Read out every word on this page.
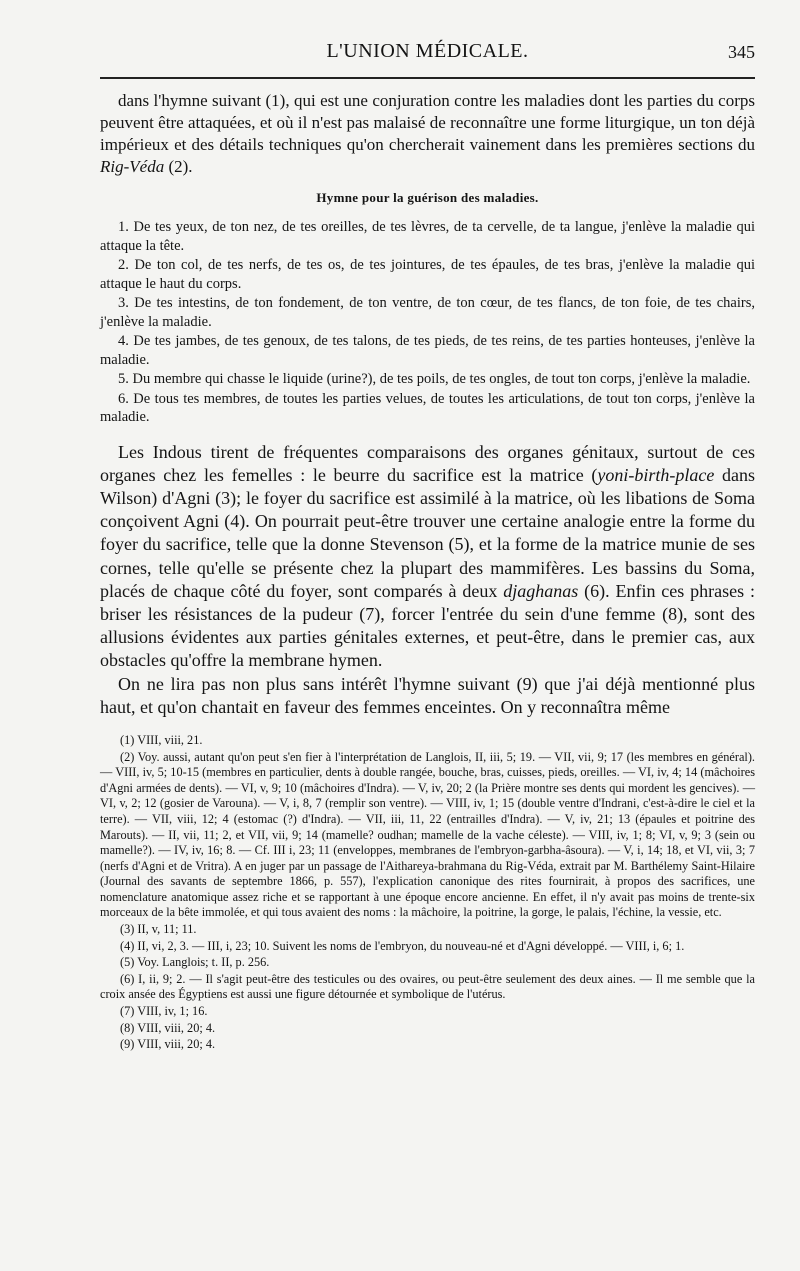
L'UNION MÉDICALE.	345

dans l'hymne suivant (1), qui est une conjuration contre les maladies dont les parties du corps peuvent être attaquées, et où il n'est pas malaisé de reconnaître une forme liturgique, un ton déjà impérieux et des détails techniques qu'on chercherait vainement dans les premières sections du Rig-Véda (2).

Hymne pour la guérison des maladies.

1. De tes yeux, de ton nez, de tes oreilles, de tes lèvres, de ta cervelle, de ta langue, j'enlève la maladie qui attaque la tête.

2. De ton col, de tes nerfs, de tes os, de tes jointures, de tes épaules, de tes bras, j'enlève la maladie qui attaque le haut du corps.

3. De tes intestins, de ton fondement, de ton ventre, de ton cœur, de tes flancs, de ton foie, de tes chairs, j'enlève la maladie.

4. De tes jambes, de tes genoux, de tes talons, de tes pieds, de tes reins, de tes parties honteuses, j'enlève la maladie.

5. Du membre qui chasse le liquide (urine?), de tes poils, de tes ongles, de tout ton corps, j'enlève la maladie.

6. De tous tes membres, de toutes les parties velues, de toutes les articulations, de tout ton corps, j'enlève la maladie.

Les Indous tirent de fréquentes comparaisons des organes génitaux, surtout de ces organes chez les femelles : le beurre du sacrifice est la matrice (yoni-birth-place dans Wilson) d'Agni (3); le foyer du sacrifice est assimilé à la matrice, où les libations de Soma conçoivent Agni (4). On pourrait peut-être trouver une certaine analogie entre la forme du foyer du sacrifice, telle que la donne Stevenson (5), et la forme de la matrice munie de ses cornes, telle qu'elle se présente chez la plupart des mammifères. Les bassins du Soma, placés de chaque côté du foyer, sont comparés à deux djaghanas (6). Enfin ces phrases : briser les résistances de la pudeur (7), forcer l'entrée du sein d'une femme (8), sont des allusions évidentes aux parties génitales externes, et peut-être, dans le premier cas, aux obstacles qu'offre la membrane hymen.

On ne lira pas non plus sans intérêt l'hymne suivant (9) que j'ai déjà mentionné plus haut, et qu'on chantait en faveur des femmes enceintes. On y reconnaîtra même

(1) VIII, viii, 21.

(2) Voy. aussi, autant qu'on peut s'en fier à l'interprétation de Langlois, II, iii, 5; 19. — VII, vii, 9; 17 (les membres en général). — VIII, iv, 5; 10-15 (membres en particulier, dents à double rangée, bouche, bras, cuisses, pieds, oreilles. — VI, iv, 4; 14 (mâchoires d'Agni armées de dents). — VI, v, 9; 10 (mâchoires d'Indra). — V, iv, 20; 2 (la Prière montre ses dents qui mordent les gencives). — VI, v, 2; 12 (gosier de Varouna). — V, i, 8, 7 (remplir son ventre). — VIII, iv, 1; 15 (double ventre d'Indrani, c'est-à-dire le ciel et la terre). — VII, viii, 12; 4 (estomac (?) d'Indra). — VII, iii, 11, 22 (entrailles d'Indra). — V, iv, 21; 13 (épaules et poitrine des Marouts). — II, vii, 11; 2, et VII, vii, 9; 14 (mamelle? oudhan; mamelle de la vache céleste). — VIII, iv, 1; 8; VI, v, 9; 3 (sein ou mamelle?). — IV, iv, 16; 8. — Cf. III i, 23; 11 (enveloppes, membranes de l'embryon-garbha-âsoura). — V, i, 14; 18, et VI, vii, 3; 7 (nerfs d'Agni et de Vritra). A en juger par un passage de l'Aithareya-brahmana du Rig-Véda, extrait par M. Barthélemy Saint-Hilaire (Journal des savants de septembre 1866, p. 557), l'explication canonique des rites fournirait, à propos des sacrifices, une nomenclature anatomique assez riche et se rapportant à une époque encore ancienne. En effet, il n'y avait pas moins de trente-six morceaux de la bête immolée, et qui tous avaient des noms : la mâchoire, la poitrine, la gorge, le palais, l'échine, la vessie, etc.

(3) II, v, 11; 11.

(4) II, vi, 2, 3. — III, i, 23; 10. Suivent les noms de l'embryon, du nouveau-né et d'Agni développé. — VIII, i, 6; 1.

(5) Voy. Langlois; t. II, p. 256.

(6) I, ii, 9; 2. — Il s'agit peut-être des testicules ou des ovaires, ou peut-être seulement des deux aines. — Il me semble que la croix ansée des Égyptiens est aussi une figure détournée et symbolique de l'utérus.

(7) VIII, iv, 1; 16.

(8) VIII, viii, 20; 4.

(9) VIII, viii, 20; 4.
